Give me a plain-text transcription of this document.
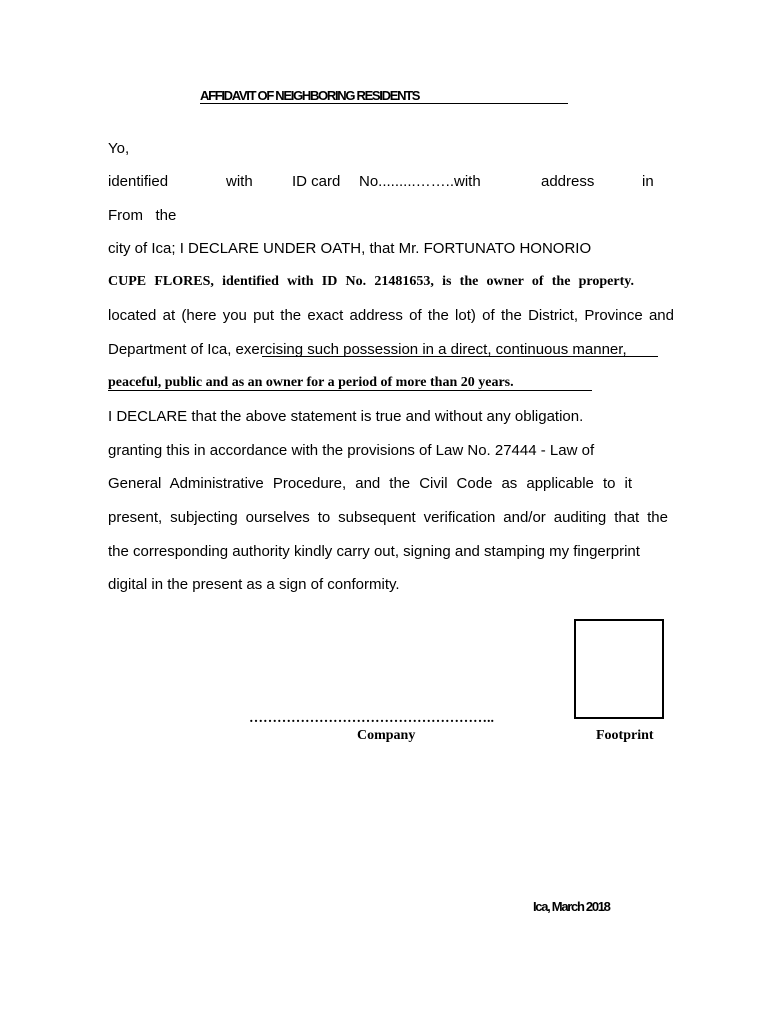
AFFIDAVIT OF NEIGHBORING RESIDENTS
Yo,
identified	with	ID card No.........……..with	address	in
From   the
city of Ica; I DECLARE UNDER OATH, that Mr. FORTUNATO HONORIO
CUPE FLORES, identified with ID No. 21481653, is the owner of the property.
located at (here you put the exact address of the lot) of the District, Province and
Department of Ica, exercising such possession in a direct, continuous manner,
peaceful, public and as an owner for a period of more than 20 years.
I DECLARE that the above statement is true and without any obligation.
granting this in accordance with the provisions of Law No. 27444 - Law of
General Administrative Procedure, and the Civil Code as applicable to it
present, subjecting ourselves to subsequent verification and/or auditing that the
the corresponding authority kindly carry out, signing and stamping my fingerprint
digital in the present as a sign of conformity.
……………………………………………..
Company	Footprint
Ica, March 2018
